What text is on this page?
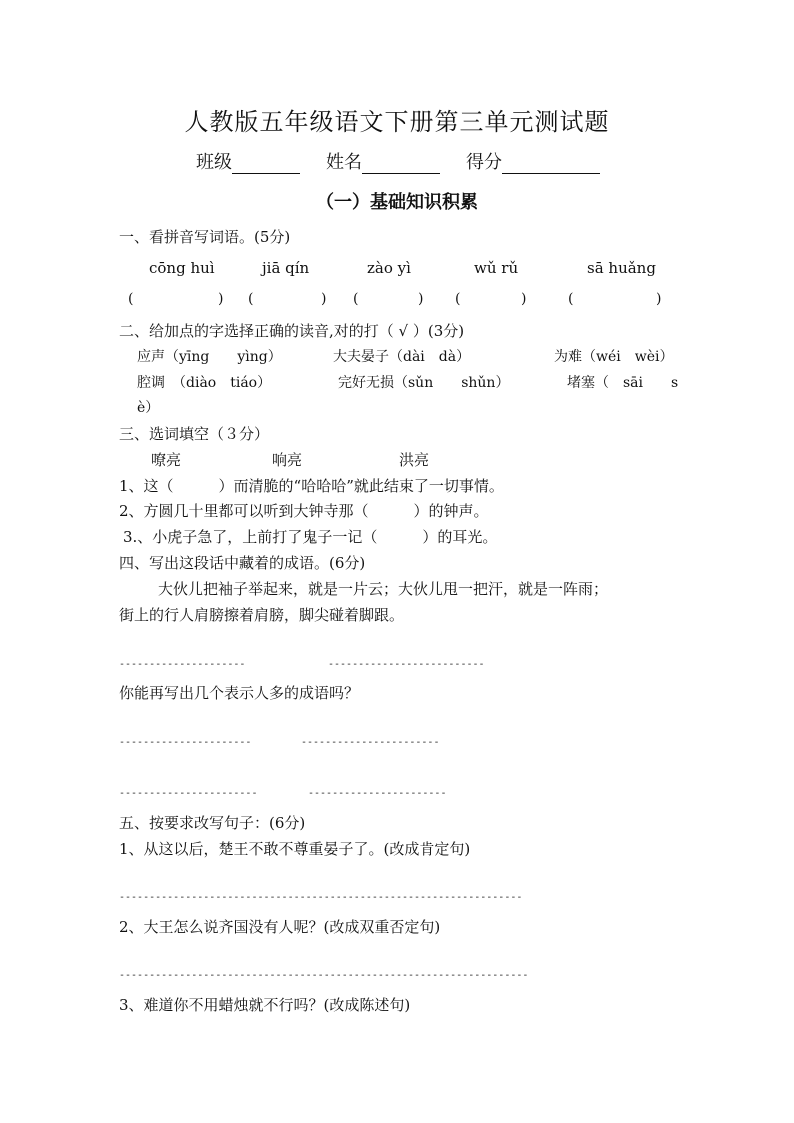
人教版五年级语文下册第三单元测试题
班级	姓名	得分
（一）基础知识积累
一、看拼音写词语。(5分)
cōng huì	jiā qín	zào yì	wǔ rǔ	sā huǎng
(	) (	) (	) (	)	(	)
二、给加点的字选择正确的读音,对的打（ √ ）(3分)
应声（yīng　　yìng）	大夫晏子（dài　dà）	为难（wéi　wèi）
腔调　（diào　tiáo）	完好无损（sǔn　　shǔn）	堵塞（　sāi　　s
è）
三、选词填空（３分）
嘹亮	响亮	洪亮
1、这（　　　）而清脆的“哈哈哈”就此结束了一切事情。
2、方圆几十里都可以听到大钟寺那（　　　）的钟声。
3.、小虎子急了，上前打了鬼子一记（　　　）的耳光。
四、写出这段话中藏着的成语。(6分)
大伙儿把袖子举起来，就是一片云；大伙儿甩一把汗，就是一阵雨；
街上的行人肩膀擦着肩膀，脚尖碰着脚跟。
---------------------	--------------------------
你能再写出几个表示人多的成语吗？
----------------------	-----------------------
-----------------------	-----------------------
五、按要求改写句子：(6分)
1、从这以后，楚王不敢不尊重晏子了。(改成肯定句)
-------------------------------------------------------------------
2、大王怎么说齐国没有人呢？(改成双重否定句)
--------------------------------------------------------------------
3、难道你不用蜡烛就不行吗？(改成陈述句)
